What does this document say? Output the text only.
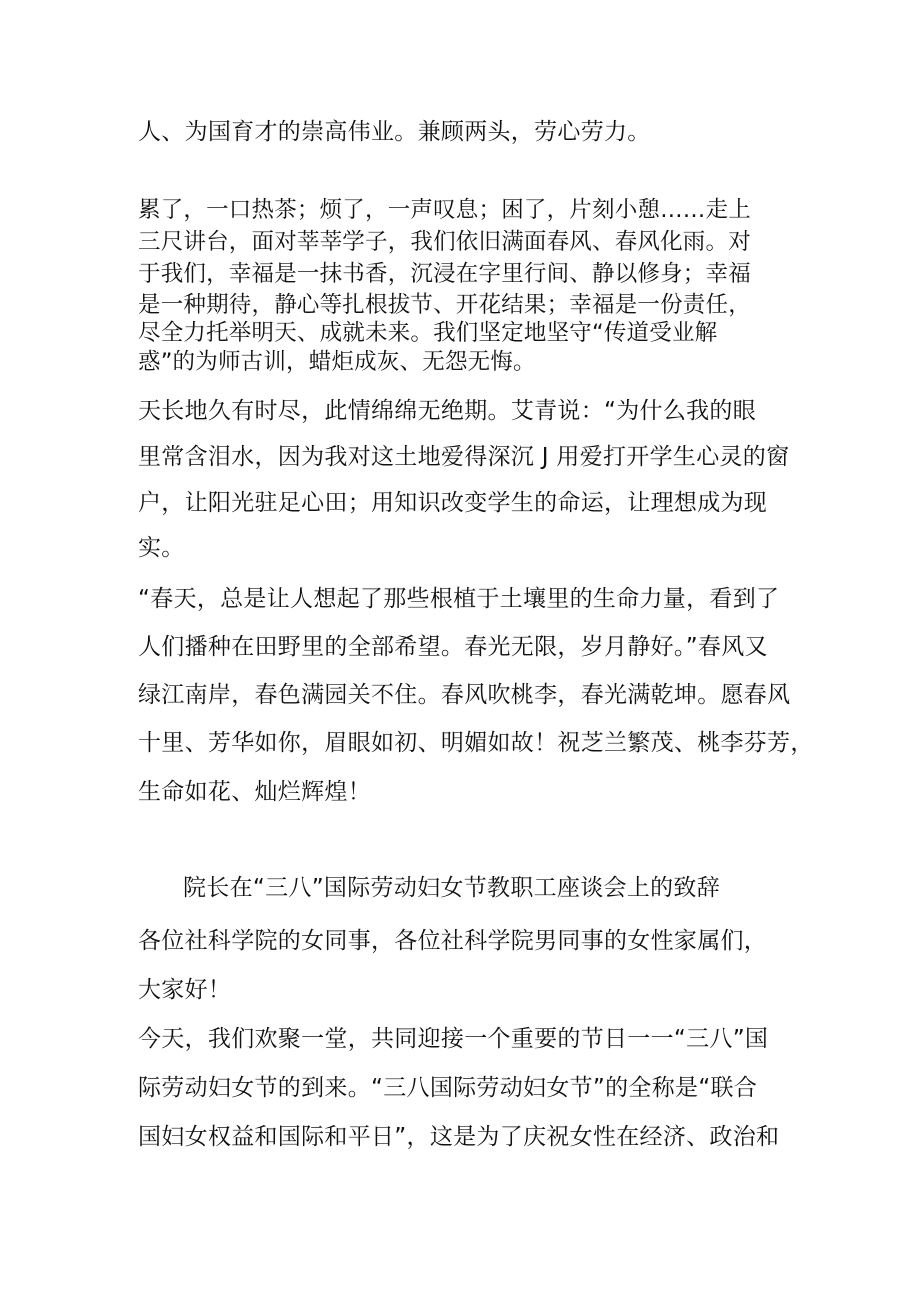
人、为国育才的崇高伟业。兼顾两头，劳心劳力。
累了，一口热茶；烦了，一声叹息；困了，片刻小憩……走上
三尺讲台，面对莘莘学子，我们依旧满面春风、春风化雨。对
于我们，幸福是一抹书香，沉浸在字里行间、静以修身；幸福
是一种期待，静心等扎根拔节、开花结果；幸福是一份责任，
尽全力托举明天、成就未来。我们坚定地坚守“传道受业解
惑”的为师古训，蜡炬成灰、无怨无悔。
天长地久有时尽，此情绵绵无绝期。艾青说：“为什么我的眼
里常含泪水，因为我对这土地爱得深沉 J 用爱打开学生心灵的窗
户，让阳光驻足心田；用知识改变学生的命运，让理想成为现
实。
“春天，总是让人想起了那些根植于土壤里的生命力量，看到了
人们播种在田野里的全部希望。春光无限，岁月静好。”春风又
绿江南岸，春色满园关不住。春风吹桃李，春光满乾坤。愿春风
十里、芳华如你，眉眼如初、明媚如故！祝芝兰繁茂、桃李芬芳，
生命如花、灿烂辉煌！
院长在“三八”国际劳动妇女节教职工座谈会上的致辞
各位社科学院的女同事，各位社科学院男同事的女性家属们，
大家好！
今天，我们欢聚一堂，共同迎接一个重要的节日一一“三八”国
际劳动妇女节的到来。“三八国际劳动妇女节”的全称是“联合
国妇女权益和国际和平日”，这是为了庆祝女性在经济、政治和
